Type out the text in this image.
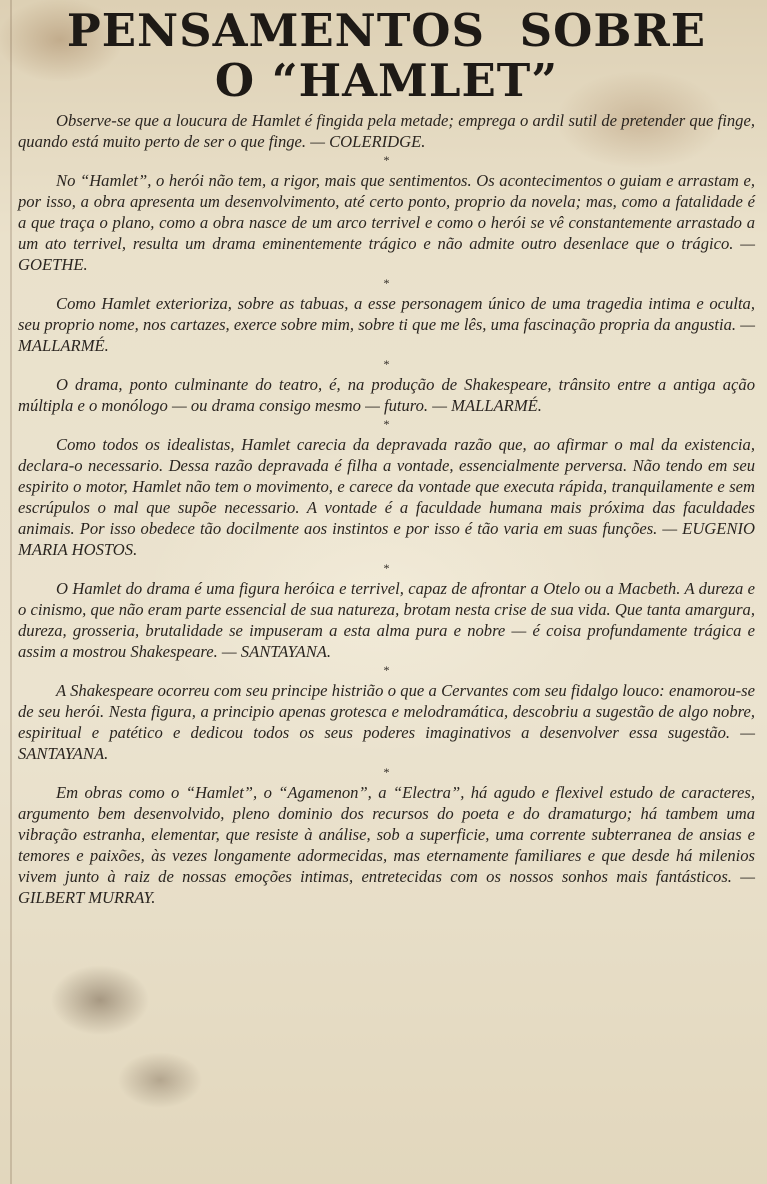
PENSAMENTOS SOBRE
O “HAMLET”

Observe-se que a loucura de Hamlet é fingida pela metade; emprega o ardil sutil de pretender que finge, quando está muito perto de ser o que finge. — COLERIDGE.

*

No “Hamlet”, o herói não tem, a rigor, mais que sentimentos. Os acontecimentos o guiam e arrastam e, por isso, a obra apresenta um desenvolvimento, até certo ponto, proprio da novela; mas, como a fatalidade é a que traça o plano, como a obra nasce de um arco terrivel e como o herói se vê constantemente arrastado a um ato terrivel, resulta um drama eminentemente trágico e não admite outro desenlace que o trágico. — GOETHE.

*

Como Hamlet exterioriza, sobre as tabuas, a esse personagem único de uma tragedia intima e oculta, seu proprio nome, nos cartazes, exerce sobre mim, sobre ti que me lês, uma fascinação propria da angustia. — MALLARMÉ.

*

O drama, ponto culminante do teatro, é, na produção de Shakespeare, trânsito entre a antiga ação múltipla e o monólogo — ou drama consigo mesmo — futuro. — MALLARMÉ.

*

Como todos os idealistas, Hamlet carecia da depravada razão que, ao afirmar o mal da existencia, declara-o necessario. Dessa razão depravada é filha a vontade, essencialmente perversa. Não tendo em seu espirito o motor, Hamlet não tem o movimento, e carece da vontade que executa rápida, tranquilamente e sem escrúpulos o mal que supõe necessario. A vontade é a faculdade humana mais próxima das faculdades animais. Por isso obedece tão docilmente aos instintos e por isso é tão varia em suas funções. — EUGENIO MARIA HOSTOS.

*

O Hamlet do drama é uma figura heróica e terrivel, capaz de afrontar a Otelo ou a Macbeth. A dureza e o cinismo, que não eram parte essencial de sua natureza, brotam nesta crise de sua vida. Que tanta amargura, dureza, grosseria, brutalidade se impuseram a esta alma pura e nobre — é coisa profundamente trágica e assim a mostrou Shakespeare. — SANTAYANA.

*

A Shakespeare ocorreu com seu principe histrião o que a Cervantes com seu fidalgo louco: enamorou-se de seu herói. Nesta figura, a principio apenas grotesca e melodramática, descobriu a sugestão de algo nobre, espiritual e patético e dedicou todos os seus poderes imaginativos a desenvolver essa sugestão. — SANTAYANA.

*

Em obras como o “Hamlet”, o “Agamenon”, a “Electra”, há agudo e flexivel estudo de caracteres, argumento bem desenvolvido, pleno dominio dos recursos do poeta e do dramaturgo; há tambem uma vibração estranha, elementar, que resiste à análise, sob a superficie, uma corrente subterranea de ansias e temores e paixões, às vezes longamente adormecidas, mas eternamente familiares e que desde há milenios vivem junto à raiz de nossas emoções intimas, entretecidas com os nossos sonhos mais fantásticos. — GILBERT MURRAY.
